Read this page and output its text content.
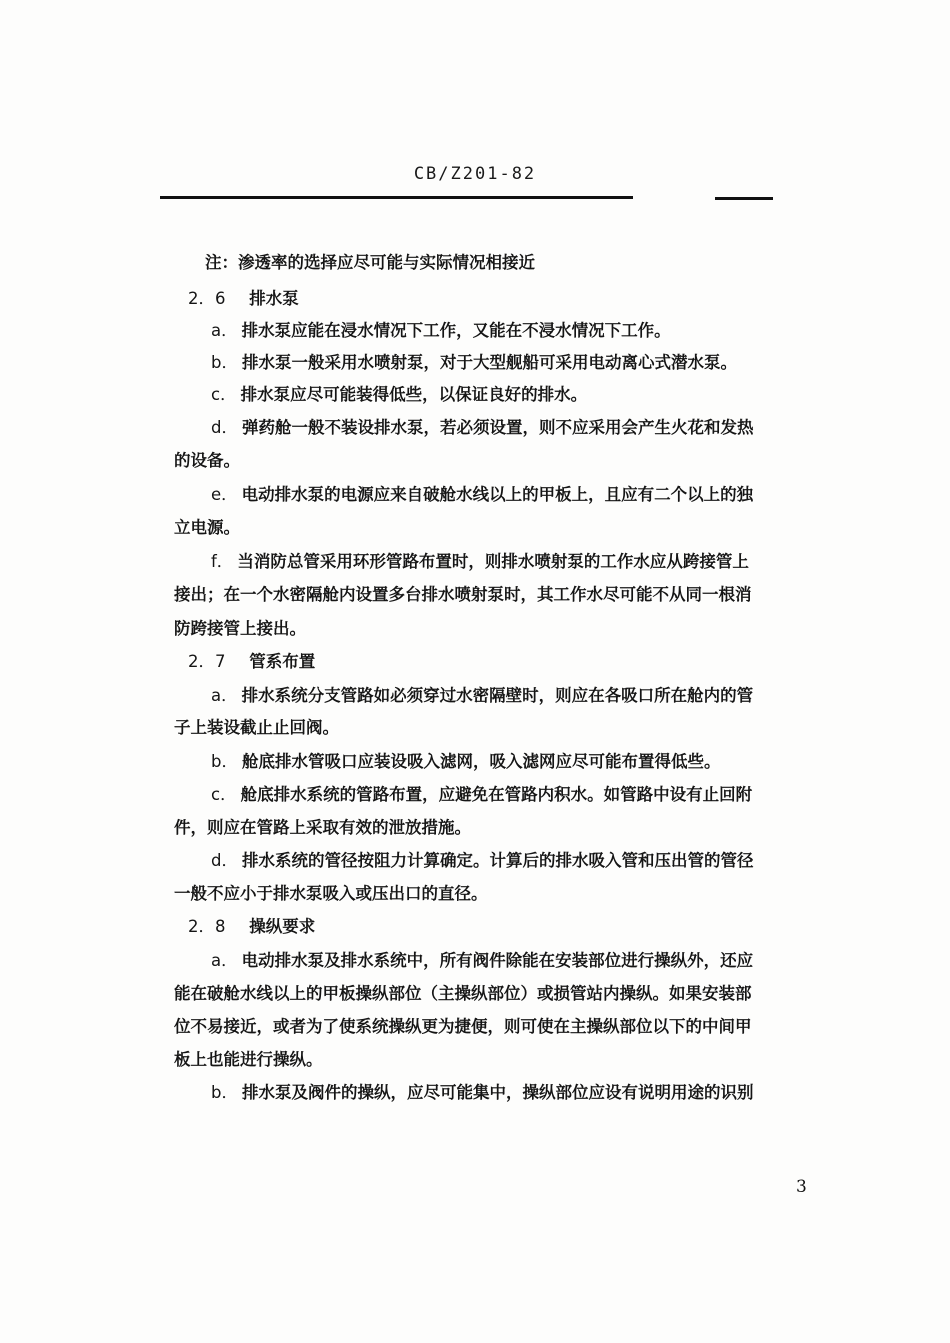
CB/Z201-82
注：渗透率的选择应尽可能与实际情况相接近
2．6 排水泵
a． 排水泵应能在浸水情况下工作，又能在不浸水情况下工作。
b． 排水泵一般采用水喷射泵，对于大型舰船可采用电动离心式潜水泵。
c． 排水泵应尽可能装得低些，以保证良好的排水。
d． 弹药舱一般不装设排水泵，若必须设置，则不应采用会产生火花和发热
的设备。
e． 电动排水泵的电源应来自破舱水线以上的甲板上，且应有二个以上的独
立电源。
f． 当消防总管采用环形管路布置时，则排水喷射泵的工作水应从跨接管上
接出；在一个水密隔舱内设置多台排水喷射泵时，其工作水尽可能不从同一根消
防跨接管上接出。
2．7 管系布置
a． 排水系统分支管路如必须穿过水密隔壁时，则应在各吸口所在舱内的管
子上装设截止止回阀。
b． 舱底排水管吸口应装设吸入滤网，吸入滤网应尽可能布置得低些。
c． 舱底排水系统的管路布置，应避免在管路内积水。如管路中设有止回附
件，则应在管路上采取有效的泄放措施。
d． 排水系统的管径按阻力计算确定。计算后的排水吸入管和压出管的管径
一般不应小于排水泵吸入或压出口的直径。
2．8 操纵要求
a． 电动排水泵及排水系统中，所有阀件除能在安装部位进行操纵外，还应
能在破舱水线以上的甲板操纵部位（主操纵部位）或损管站内操纵。如果安装部
位不易接近，或者为了使系统操纵更为捷便，则可使在主操纵部位以下的中间甲
板上也能进行操纵。
b． 排水泵及阀件的操纵，应尽可能集中，操纵部位应设有说明用途的识别
3
